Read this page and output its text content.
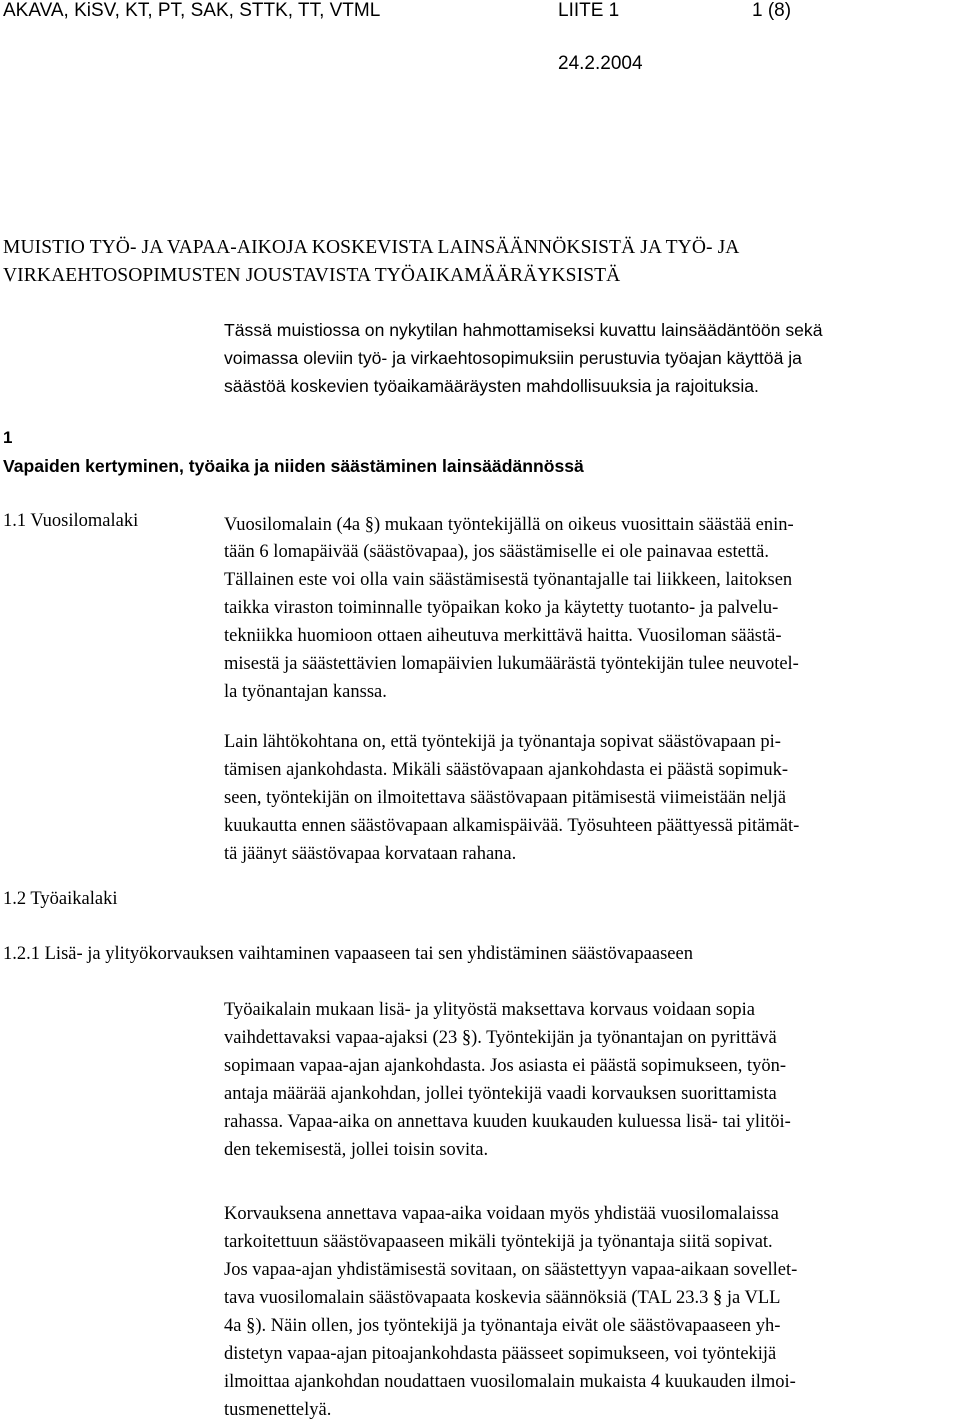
AKAVA, KiSV, KT, PT, SAK, STTK, TT, VTML	LIITE 1	1 (8)
24.2.2004
MUISTIO TYÖ- JA VAPAA-AIKOJA KOSKEVISTA LAINSÄÄNNÖKSISTÄ JA TYÖ- JA
VIRKAEHTOSOPIMUSTEN JOUSTAVISTA TYÖAIKAMÄÄRÄYKSISTÄ
Tässä muistiossa on nykytilan hahmottamiseksi kuvattu lainsäädäntöön sekä
voimassa oleviin työ- ja virkaehtosopimuksiin perustuvia työajan käyttöä ja
säästöä koskevien työaikamääräysten mahdollisuuksia ja rajoituksia.
1
Vapaiden kertyminen, työaika ja niiden säästäminen lainsäädännössä
1.1 Vuosilomalaki	Vuosilomalain (4a §) mukaan työntekijällä on oikeus vuosittain säästää enin-
tään 6 lomapäivää (säästövapaa), jos säästämiselle ei ole painavaa estettä.
Tällainen este voi olla vain säästämisestä työnantajalle tai liikkeen, laitoksen
taikka viraston toiminnalle työpaikan koko ja käytetty tuotanto- ja palvelu-
tekniikka huomioon ottaen aiheutuva merkittävä haitta. Vuosiloman säästä-
misestä ja säästettävien lomapäivien lukumäärästä työntekijän tulee neuvotel-
la työnantajan kanssa.
Lain lähtökohtana on, että työntekijä ja työnantaja sopivat säästövapaan pi-
tämisen ajankohdasta. Mikäli säästövapaan ajankohdasta ei päästä sopimuk-
seen, työntekijän on ilmoitettava säästövapaan pitämisestä viimeistään neljä
kuukautta ennen säästövapaan alkamispäivää. Työsuhteen päättyessä pitämät-
tä jäänyt säästövapaa korvataan rahana.
1.2 Työaikalaki
1.2.1 Lisä- ja ylityökorvauksen vaihtaminen vapaaseen tai sen yhdistäminen säästövapaaseen
Työaikalain mukaan lisä- ja ylityöstä maksettava korvaus voidaan sopia
vaihdettavaksi vapaa-ajaksi (23 §). Työntekijän ja työnantajan on pyrittävä
sopimaan vapaa-ajan ajankohdasta. Jos asiasta ei päästä sopimukseen, työn-
antaja määrää ajankohdan, jollei työntekijä vaadi korvauksen suorittamista
rahassa. Vapaa-aika on annettava kuuden kuukauden kuluessa lisä- tai ylitöi-
den tekemisestä, jollei toisin sovita.
Korvauksena annettava vapaa-aika voidaan myös yhdistää vuosilomalaissa
tarkoitettuun säästövapaaseen mikäli työntekijä ja työnantaja siitä sopivat.
Jos vapaa-ajan yhdistämisestä sovitaan, on säästettyyn vapaa-aikaan sovellet-
tava vuosilomalain säästövapaata koskevia säännöksiä (TAL 23.3 § ja VLL
4a §). Näin ollen, jos työntekijä ja työnantaja eivät ole säästövapaaseen yh-
distetyn vapaa-ajan pitoajankohdasta päässeet sopimukseen, voi työntekijä
ilmoittaa ajankohdan noudattaen vuosilomalain mukaista 4 kuukauden ilmoi-
tusmenettelyä.
